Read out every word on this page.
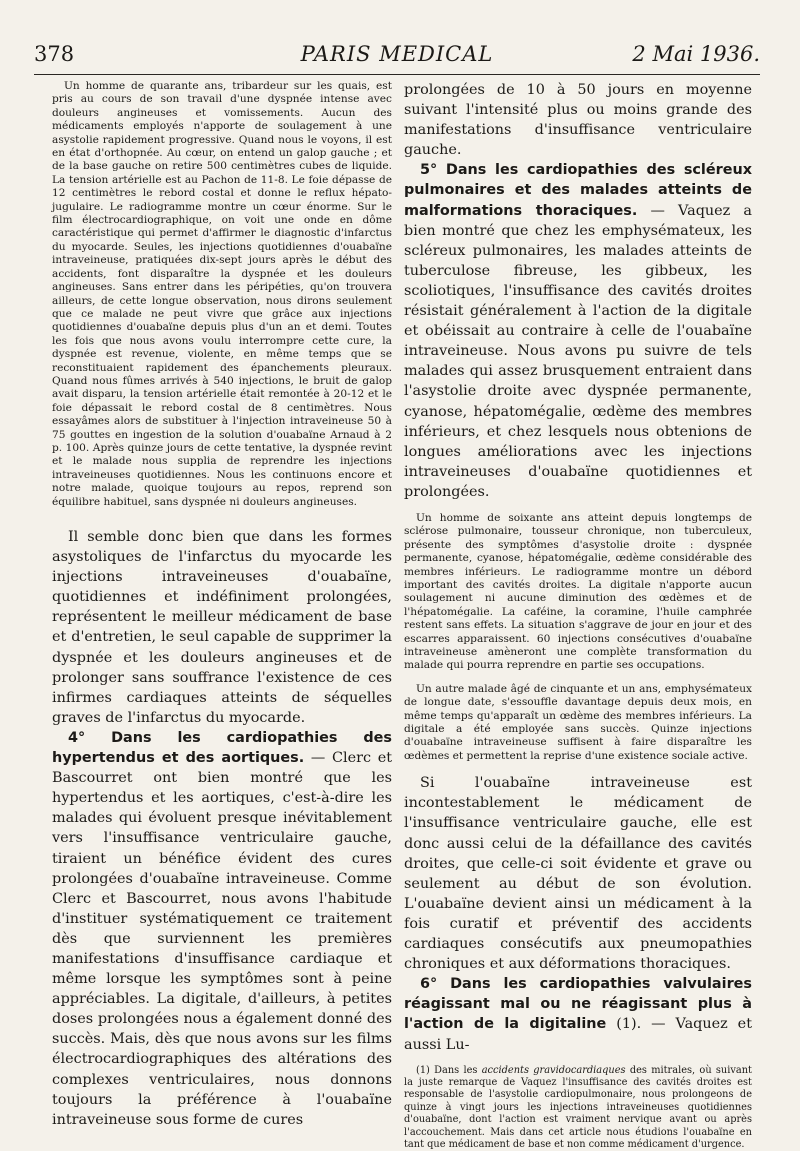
378	PARIS MEDICAL	2 Mai 1936.

Un homme de quarante ans, tribardeur sur les quais, est pris au cours de son travail d'une dyspnée intense avec douleurs angineuses et vomissements. Aucun des médicaments employés n'apporte de soulagement à une asystolie rapidement progressive. Quand nous le voyons, il est en état d'orthopnée. Au cœur, on entend un galop gauche ; et de la base gauche on retire 500 centimètres cubes de liquide. La tension artérielle est au Pachon de 11-8. Le foie dépasse de 12 centimètres le rebord costal et donne le reflux hépato-jugulaire. Le radiogramme montre un cœur énorme. Sur le film électrocardiographique, on voit une onde en dôme caractéristique qui permet d'affirmer le diagnostic d'infarctus du myocarde. Seules, les injections quotidiennes d'ouabaïne intraveineuse, pratiquées dix-sept jours après le début des accidents, font disparaître la dyspnée et les douleurs angineuses. Sans entrer dans les péripéties, qu'on trouvera ailleurs, de cette longue observation, nous dirons seulement que ce malade ne peut vivre que grâce aux injections quotidiennes d'ouabaïne depuis plus d'un an et demi. Toutes les fois que nous avons voulu interrompre cette cure, la dyspnée est revenue, violente, en même temps que se reconstituaient rapidement des épanchements pleuraux. Quand nous fûmes arrivés à 540 injections, le bruit de galop avait disparu, la tension artérielle était remontée à 20-12 et le foie dépassait le rebord costal de 8 centimètres. Nous essayâmes alors de substituer à l'injection intraveineuse 50 à 75 gouttes en ingestion de la solution d'ouabaïne Arnaud à 2 p. 100. Après quinze jours de cette tentative, la dyspnée revint et le malade nous supplia de reprendre les injections intraveineuses quotidiennes. Nous les continuons encore et notre malade, quoique toujours au repos, reprend son équilibre habituel, sans dyspnée ni douleurs angineuses.

Il semble donc bien que dans les formes asystoliques de l'infarctus du myocarde les injections intraveineuses d'ouabaïne, quotidiennes et indéfiniment prolongées, représentent le meilleur médicament de base et d'entretien, le seul capable de supprimer la dyspnée et les douleurs angineuses et de prolonger sans souffrance l'existence de ces infirmes cardiaques atteints de séquelles graves de l'infarctus du myocarde.

4° Dans les cardiopathies des hypertendus et des aortiques. — Clerc et Bascourret ont bien montré que les hypertendus et les aortiques, c'est-à-dire les malades qui évoluent presque inévitablement vers l'insuffisance ventriculaire gauche, tiraient un bénéfice évident des cures prolongées d'ouabaïne intraveineuse. Comme Clerc et Bascourret, nous avons l'habitude d'instituer systématiquement ce traitement dès que surviennent les premières manifestations d'insuffisance cardiaque et même lorsque les symptômes sont à peine appréciables. La digitale, d'ailleurs, à petites doses prolongées nous a également donné des succès. Mais, dès que nous avons sur les films électrocardiographiques des altérations des complexes ventriculaires, nous donnons toujours la préférence à l'ouabaïne intraveineuse sous forme de cures

prolongées de 10 à 50 jours en moyenne suivant l'intensité plus ou moins grande des manifestations d'insuffisance ventriculaire gauche.

5° Dans les cardiopathies des scléreux pulmonaires et des malades atteints de malformations thoraciques. — Vaquez a bien montré que chez les emphysémateux, les scléreux pulmonaires, les malades atteints de tuberculose fibreuse, les gibbeux, les scoliotiques, l'insuffisance des cavités droites résistait généralement à l'action de la digitale et obéissait au contraire à celle de l'ouabaïne intraveineuse. Nous avons pu suivre de tels malades qui assez brusquement entraient dans l'asystolie droite avec dyspnée permanente, cyanose, hépatomégalie, œdème des membres inférieurs, et chez lesquels nous obtenions de longues améliorations avec les injections intraveineuses d'ouabaïne quotidiennes et prolongées.

Un homme de soixante ans atteint depuis longtemps de sclérose pulmonaire, tousseur chronique, non tuberculeux, présente des symptômes d'asystolie droite : dyspnée permanente, cyanose, hépatomégalie, œdème considérable des membres inférieurs. Le radiogramme montre un débord important des cavités droites. La digitale n'apporte aucun soulagement ni aucune diminution des œdèmes et de l'hépatomégalie. La caféine, la coramine, l'huile camphrée restent sans effets. La situation s'aggrave de jour en jour et des escarres apparaissent. 60 injections consécutives d'ouabaïne intraveineuse amèneront une complète transformation du malade qui pourra reprendre en partie ses occupations.

Un autre malade âgé de cinquante et un ans, emphysémateux de longue date, s'essouffle davantage depuis deux mois, en même temps qu'apparaît un œdème des membres inférieurs. La digitale a été employée sans succès. Quinze injections d'ouabaïne intraveineuse suffisent à faire disparaître les œdèmes et permettent la reprise d'une existence sociale active.

Si l'ouabaïne intraveineuse est incontestablement le médicament de l'insuffisance ventriculaire gauche, elle est donc aussi celui de la défaillance des cavités droites, que celle-ci soit évidente et grave ou seulement au début de son évolution. L'ouabaïne devient ainsi un médicament à la fois curatif et préventif des accidents cardiaques consécutifs aux pneumopathies chroniques et aux déformations thoraciques.

6° Dans les cardiopathies valvulaires réagissant mal ou ne réagissant plus à l'action de la digitaline (1). — Vaquez et aussi Lu-

(1) Dans les accidents gravidocardiaques des mitrales, où suivant la juste remarque de Vaquez l'insuffisance des cavités droites est responsable de l'asystolie cardiopulmonaire, nous prolongeons de quinze à vingt jours les injections intraveineuses quotidiennes d'ouabaïne, dont l'action est vraiment nervique avant ou après l'accouchement. Mais dans cet article nous étudions l'ouabaïne en tant que médicament de base et non comme médicament d'urgence.
